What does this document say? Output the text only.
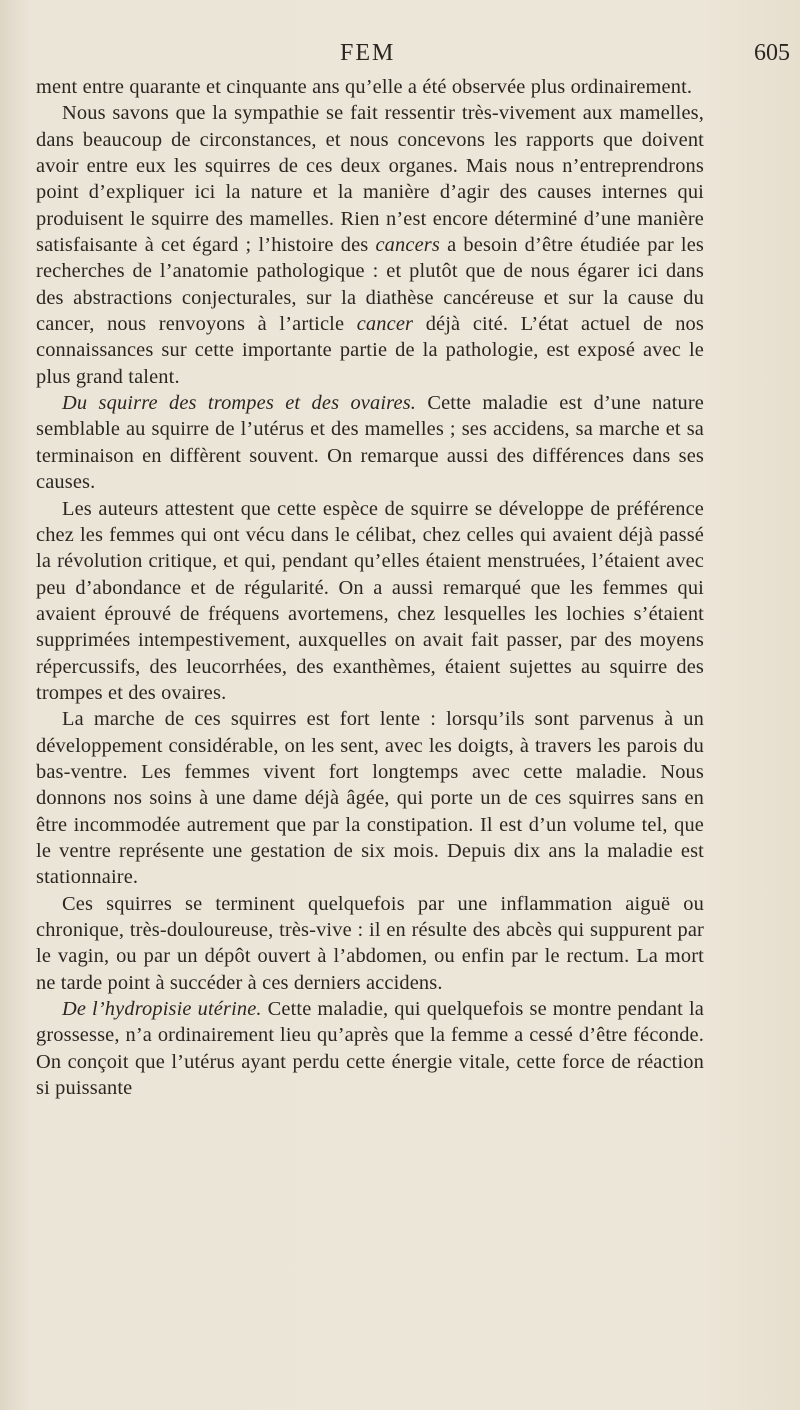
FEM	605

ment entre quarante et cinquante ans qu’elle a été observée plus ordinairement.

Nous savons que la sympathie se fait ressentir très-vivement aux mamelles, dans beaucoup de circonstances, et nous concevons les rapports que doivent avoir entre eux les squirres de ces deux organes. Mais nous n’entreprendrons point d’expliquer ici la nature et la manière d’agir des causes internes qui produisent le squirre des mamelles. Rien n’est encore déterminé d’une manière satisfaisante à cet égard ; l’histoire des cancers a besoin d’être étudiée par les recherches de l’anatomie pathologique : et plutôt que de nous égarer ici dans des abstractions conjecturales, sur la diathèse cancéreuse et sur la cause du cancer, nous renvoyons à l’article cancer déjà cité. L’état actuel de nos connaissances sur cette importante partie de la pathologie, est exposé avec le plus grand talent.

Du squirre des trompes et des ovaires. Cette maladie est d’une nature semblable au squirre de l’utérus et des mamelles ; ses accidens, sa marche et sa terminaison en diffèrent souvent. On remarque aussi des différences dans ses causes.

Les auteurs attestent que cette espèce de squirre se développe de préférence chez les femmes qui ont vécu dans le célibat, chez celles qui avaient déjà passé la révolution critique, et qui, pendant qu’elles étaient menstruées, l’étaient avec peu d’abondance et de régularité. On a aussi remarqué que les femmes qui avaient éprouvé de fréquens avortemens, chez lesquelles les lochies s’étaient supprimées intempestivement, auxquelles on avait fait passer, par des moyens répercussifs, des leucorrhées, des exanthèmes, étaient sujettes au squirre des trompes et des ovaires.

La marche de ces squirres est fort lente : lorsqu’ils sont parvenus à un développement considérable, on les sent, avec les doigts, à travers les parois du bas-ventre. Les femmes vivent fort longtemps avec cette maladie. Nous donnons nos soins à une dame déjà âgée, qui porte un de ces squirres sans en être incommodée autrement que par la constipation. Il est d’un volume tel, que le ventre représente une gestation de six mois. Depuis dix ans la maladie est stationnaire.

Ces squirres se terminent quelquefois par une inflammation aiguë ou chronique, très-douloureuse, très-vive : il en résulte des abcès qui suppurent par le vagin, ou par un dépôt ouvert à l’abdomen, ou enfin par le rectum. La mort ne tarde point à succéder à ces derniers accidens.

De l’hydropisie utérine. Cette maladie, qui quelquefois se montre pendant la grossesse, n’a ordinairement lieu qu’après que la femme a cessé d’être féconde. On conçoit que l’utérus ayant perdu cette énergie vitale, cette force de réaction si puissante
